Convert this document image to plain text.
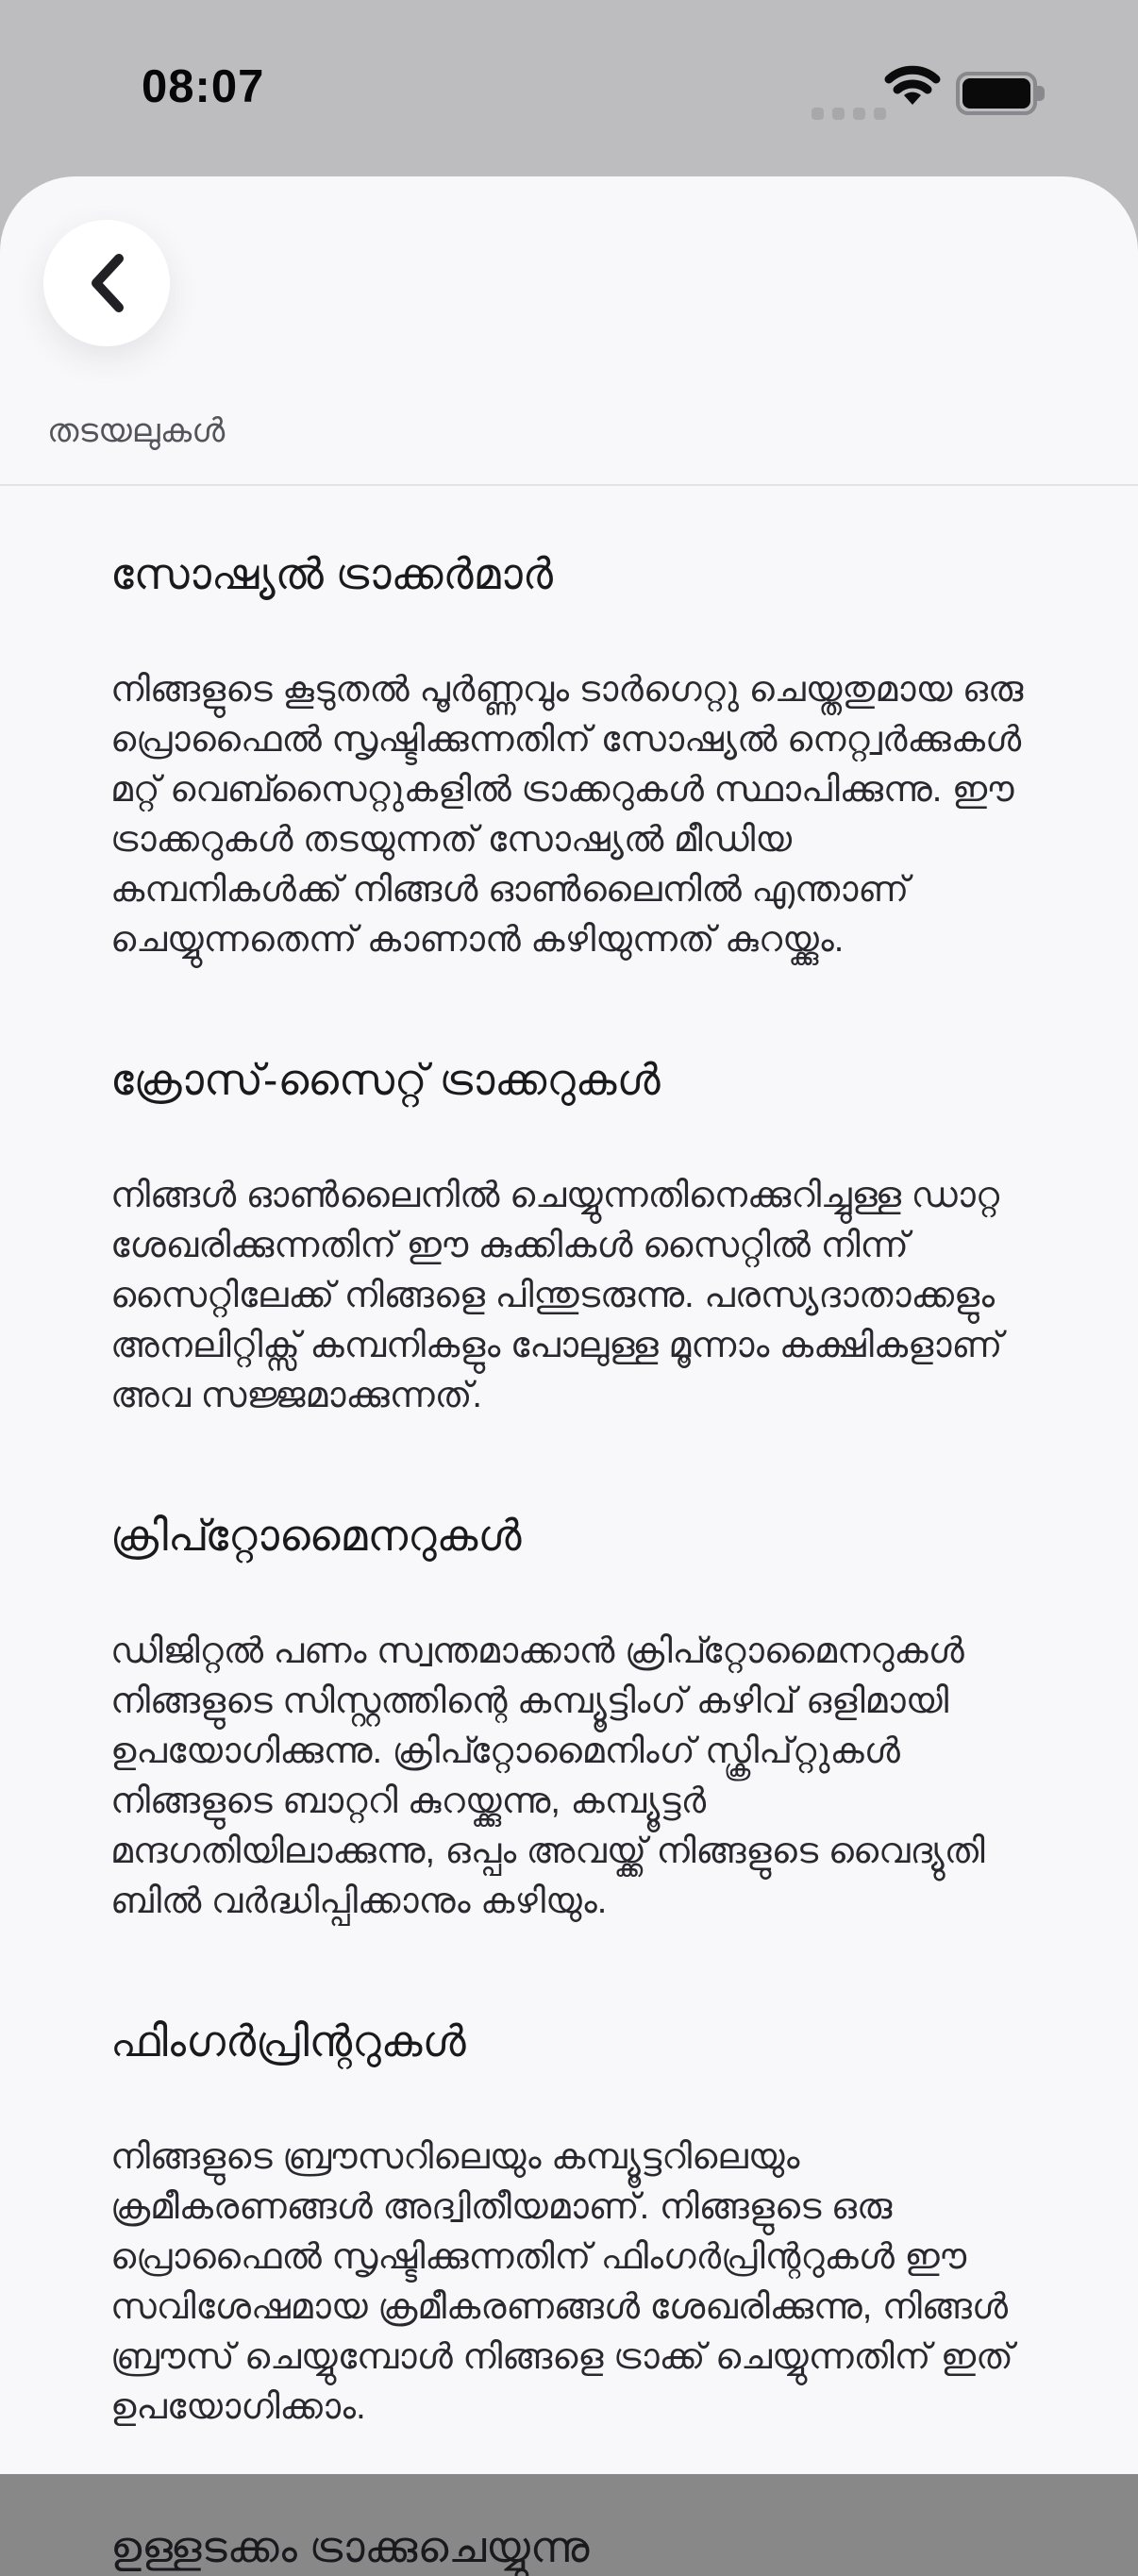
08:07
തടയലുകൾ
സോഷ്യൽ ട്രാക്കർമാർ

നിങ്ങളുടെ കൂടുതൽ പൂർണ്ണവും ടാർഗെറ്റു ചെയ്തതുമായ ഒരു പ്രൊഫൈൽ സൃഷ്ടിക്കുന്നതിന് സോഷ്യൽ നെറ്റ്വർക്കുകൾ മറ്റ് വെബ്സൈറ്റുകളിൽ ട്രാക്കറുകൾ സ്ഥാപിക്കുന്നു. ഈ ട്രാക്കറുകൾ തടയുന്നത് സോഷ്യൽ മീഡിയ കമ്പനികൾക്ക് നിങ്ങൾ ഓൺലൈനിൽ എന്താണ് ചെയ്യുന്നതെന്ന് കാണാൻ കഴിയുന്നത് കുറയ്ക്കും.

ക്രോസ്-സൈറ്റ് ട്രാക്കറുകൾ

നിങ്ങൾ ഓൺലൈനിൽ ചെയ്യുന്നതിനെക്കുറിച്ചുള്ള ഡാറ്റ ശേഖരിക്കുന്നതിന് ഈ കുക്കികൾ സൈറ്റിൽ നിന്ന് സൈറ്റിലേക്ക് നിങ്ങളെ പിന്തുടരുന്നു. പരസ്യദാതാക്കളും അനലിറ്റിക്സ് കമ്പനികളും പോലുള്ള മൂന്നാം കക്ഷികളാണ് അവ സജ്ജമാക്കുന്നത്.

ക്രിപ്റ്റോമൈനറുകൾ

ഡിജിറ്റൽ പണം സ്വന്തമാക്കാൻ ക്രിപ്റ്റോമൈനറുകൾ നിങ്ങളുടെ സിസ്റ്റത്തിന്റെ കമ്പ്യൂട്ടിംഗ് കഴിവ് ഒളിമായി ഉപയോഗിക്കുന്നു. ക്രിപ്റ്റോമൈനിംഗ് സ്ക്രിപ്റ്റുകൾ നിങ്ങളുടെ ബാറ്ററി കുറയ്ക്കുന്നു, കമ്പ്യൂട്ടർ മന്ദഗതിയിലാക്കുന്നു, ഒപ്പം അവയ്ക്ക് നിങ്ങളുടെ വൈദ്യുതി ബിൽ വർദ്ധിപ്പിക്കാനും കഴിയും.

ഫിംഗർപ്രിന്ററുകൾ

നിങ്ങളുടെ ബ്രൗസറിലെയും കമ്പ്യൂട്ടറിലെയും ക്രമീകരണങ്ങൾ അദ്വിതീയമാണ്. നിങ്ങളുടെ ഒരു പ്രൊഫൈൽ സൃഷ്ടിക്കുന്നതിന് ഫിംഗർപ്രിന്ററുകൾ ഈ സവിശേഷമായ ക്രമീകരണങ്ങൾ ശേഖരിക്കുന്നു, നിങ്ങൾ ബ്രൗസ് ചെയ്യുമ്പോൾ നിങ്ങളെ ട്രാക്ക് ചെയ്യുന്നതിന് ഇത് ഉപയോഗിക്കാം.

ഉള്ളടക്കം ട്രാക്കുചെയ്യുന്നു
